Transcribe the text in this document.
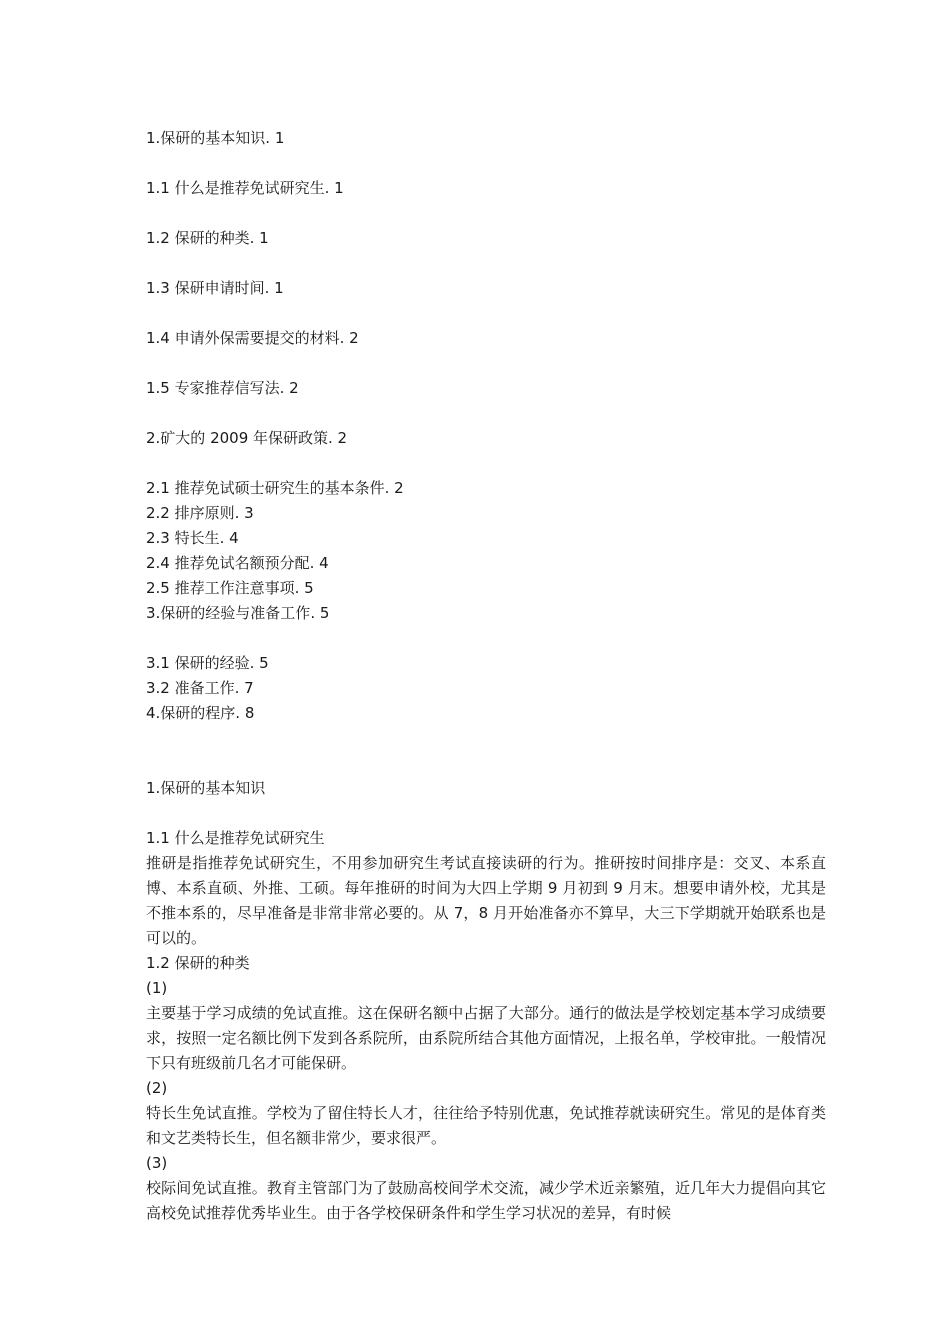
1.保研的基本知识. 1
1.1 什么是推荐免试研究生. 1
1.2 保研的种类. 1
1.3 保研申请时间. 1
1.4 申请外保需要提交的材料. 2
1.5 专家推荐信写法. 2
2.矿大的 2009 年保研政策. 2
2.1 推荐免试硕士研究生的基本条件. 2
2.2 排序原则. 3
2.3 特长生. 4
2.4 推荐免试名额预分配. 4
2.5 推荐工作注意事项. 5
3.保研的经验与准备工作. 5
3.1 保研的经验. 5
3.2 准备工作. 7
4.保研的程序. 8
1.保研的基本知识
1.1 什么是推荐免试研究生
推研是指推荐免试研究生，不用参加研究生考试直接读研的行为。推研按时间排序是：交叉、本系直博、本系直硕、外推、工硕。每年推研的时间为大四上学期 9 月初到 9 月末。想要申请外校，尤其是不推本系的，尽早准备是非常非常必要的。从 7，8 月开始准备亦不算早，大三下学期就开始联系也是可以的。
1.2 保研的种类
(1)
主要基于学习成绩的免试直推。这在保研名额中占据了大部分。通行的做法是学校划定基本学习成绩要求，按照一定名额比例下发到各系院所，由系院所结合其他方面情况，上报名单，学校审批。一般情况下只有班级前几名才可能保研。
(2)
特长生免试直推。学校为了留住特长人才，往往给予特别优惠，免试推荐就读研究生。常见的是体育类和文艺类特长生，但名额非常少，要求很严。
(3)
校际间免试直推。教育主管部门为了鼓励高校间学术交流，减少学术近亲繁殖，近几年大力提倡向其它高校免试推荐优秀毕业生。由于各学校保研条件和学生学习状况的差异，有时候
